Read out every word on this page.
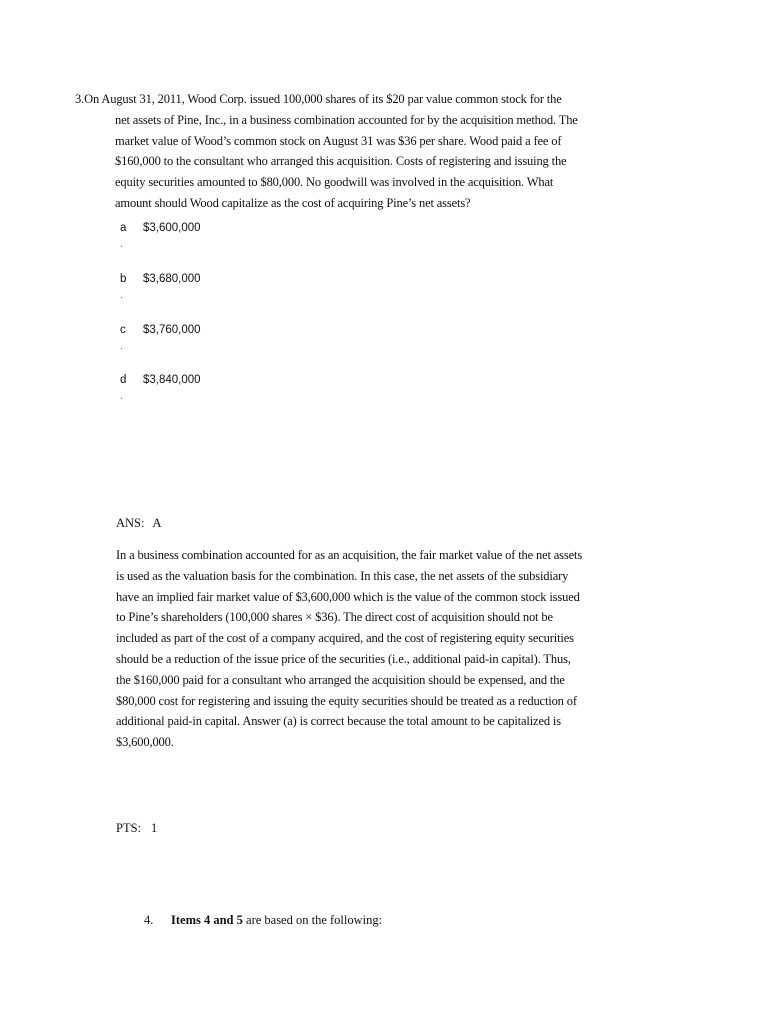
3.On August 31, 2011, Wood Corp. issued 100,000 shares of its $20 par value common stock for the
net assets of Pine, Inc., in a business combination accounted for by the acquisition method. The
market value of Wood’s common stock on August 31 was $36 per share. Wood paid a fee of
$160,000 to the consultant who arranged this acquisition. Costs of registering and issuing the
equity securities amounted to $80,000. No goodwill was involved in the acquisition. What
amount should Wood capitalize as the cost of acquiring Pine’s net assets?
a	$3,600,000
.
b	$3,680,000
.
c	$3,760,000
.
d	$3,840,000
.
ANS: A
In a business combination accounted for as an acquisition, the fair market value of the net assets
is used as the valuation basis for the combination. In this case, the net assets of the subsidiary
have an implied fair market value of $3,600,000 which is the value of the common stock issued
to Pine’s shareholders (100,000 shares × $36). The direct cost of acquisition should not be
included as part of the cost of a company acquired, and the cost of registering equity securities
should be a reduction of the issue price of the securities (i.e., additional paid-in capital). Thus,
the $160,000 paid for a consultant who arranged the acquisition should be expensed, and the
$80,000 cost for registering and issuing the equity securities should be treated as a reduction of
additional paid-in capital. Answer (a) is correct because the total amount to be capitalized is
$3,600,000.
PTS: 1
4. Items 4 and 5 are based on the following:
